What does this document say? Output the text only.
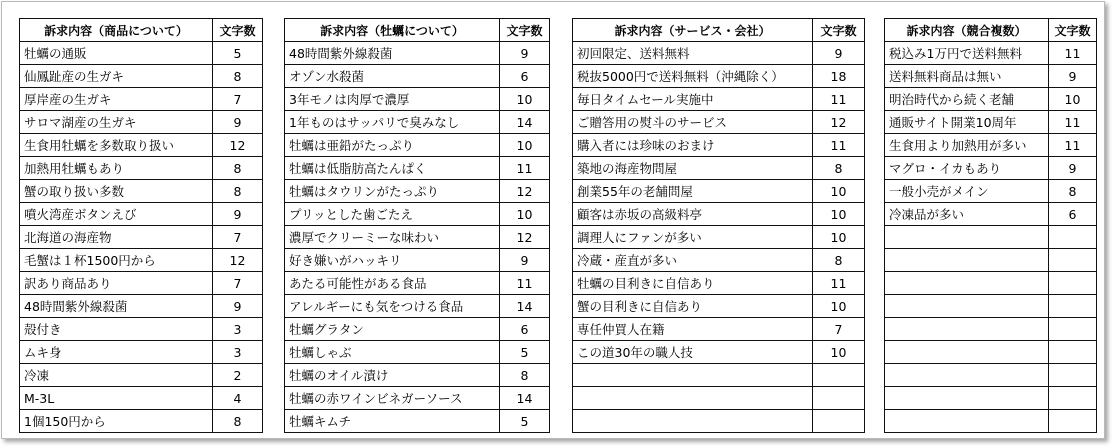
訴求内容（商品について）	文字数
牡蠣の通販	5
仙鳳趾産の生ガキ	8
厚岸産の生ガキ	7
サロマ湖産の生ガキ	9
生食用牡蠣を多数取り扱い	12
加熱用牡蠣もあり	8
蟹の取り扱い多数	8
噴火湾産ボタンえび	9
北海道の海産物	7
毛蟹は１杯1500円から	12
訳あり商品あり	7
48時間紫外線殺菌	9
殻付き	3
ムキ身	3
冷凍	2
M-3L	4
1個150円から	8
訴求内容（牡蠣について）	文字数
48時間紫外線殺菌	9
オゾン水殺菌	6
3年モノは肉厚で濃厚	10
1年ものはサッパリで臭みなし	14
牡蠣は亜鉛がたっぷり	10
牡蠣は低脂肪高たんぱく	11
牡蠣はタウリンがたっぷり	12
プリッとした歯ごたえ	10
濃厚でクリーミーな味わい	12
好き嫌いがハッキリ	9
あたる可能性がある食品	11
アレルギーにも気をつける食品	14
牡蠣グラタン	6
牡蠣しゃぶ	5
牡蠣のオイル漬け	8
牡蠣の赤ワインビネガーソース	14
牡蠣キムチ	5
訴求内容（サービス・会社）	文字数
初回限定、送料無料	9
税抜5000円で送料無料（沖縄除く）	18
毎日タイムセール実施中	11
ご贈答用の熨斗のサービス	12
購入者には珍味のおまけ	11
築地の海産物問屋	8
創業55年の老舗問屋	10
顧客は赤坂の高級料亭	10
調理人にファンが多い	10
冷蔵・産直が多い	8
牡蠣の目利きに自信あり	11
蟹の目利きに自信あり	10
専任仲買人在籍	7
この道30年の職人技	10

訴求内容（競合複数）	文字数
税込み1万円で送料無料	11
送料無料商品は無い	9
明治時代から続く老舗	10
通販サイト開業10周年	11
生食用より加熱用が多い	11
マグロ・イカもあり	9
一般小売がメイン	8
冷凍品が多い	6
